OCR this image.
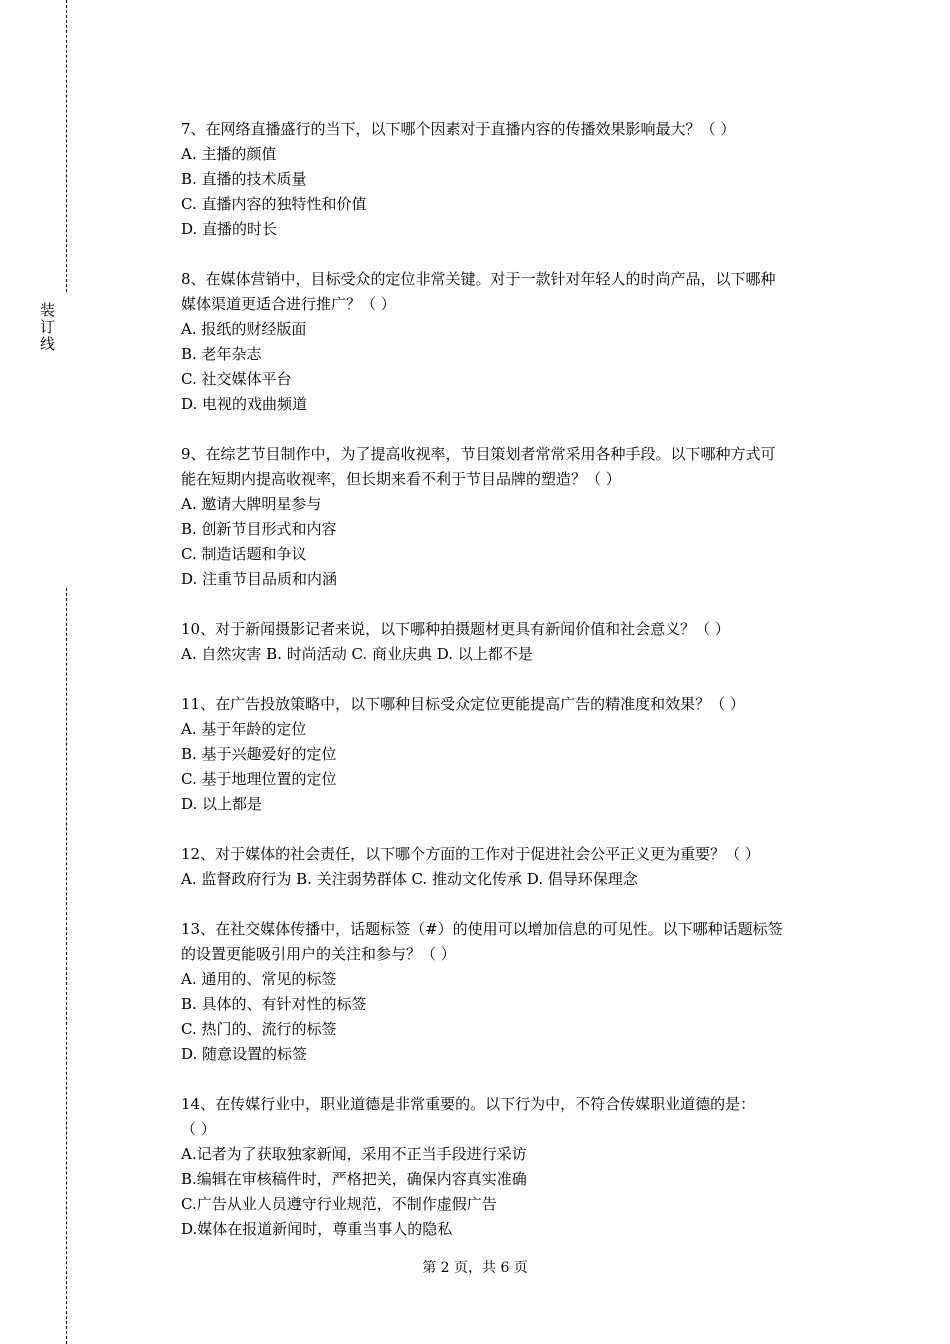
装订线
7、在网络直播盛行的当下，以下哪个因素对于直播内容的传播效果影响最大？（ ）
A. 主播的颜值
B. 直播的技术质量
C. 直播内容的独特性和价值
D. 直播的时长
8、在媒体营销中，目标受众的定位非常关键。对于一款针对年轻人的时尚产品，以下哪种
媒体渠道更适合进行推广？（ ）
A. 报纸的财经版面
B. 老年杂志
C. 社交媒体平台
D. 电视的戏曲频道
9、在综艺节目制作中，为了提高收视率，节目策划者常常采用各种手段。以下哪种方式可
能在短期内提高收视率，但长期来看不利于节目品牌的塑造？（ ）
A. 邀请大牌明星参与
B. 创新节目形式和内容
C. 制造话题和争议
D. 注重节目品质和内涵
10、对于新闻摄影记者来说，以下哪种拍摄题材更具有新闻价值和社会意义？（ ）
A. 自然灾害 B. 时尚活动 C. 商业庆典 D. 以上都不是
11、在广告投放策略中，以下哪种目标受众定位更能提高广告的精准度和效果？（ ）
A. 基于年龄的定位
B. 基于兴趣爱好的定位
C. 基于地理位置的定位
D. 以上都是
12、对于媒体的社会责任，以下哪个方面的工作对于促进社会公平正义更为重要？（ ）
A. 监督政府行为 B. 关注弱势群体 C. 推动文化传承 D. 倡导环保理念
13、在社交媒体传播中，话题标签（#）的使用可以增加信息的可见性。以下哪种话题标签
的设置更能吸引用户的关注和参与？（ ）
A. 通用的、常见的标签
B. 具体的、有针对性的标签
C. 热门的、流行的标签
D. 随意设置的标签
14、在传媒行业中，职业道德是非常重要的。以下行为中，不符合传媒职业道德的是：
（ ）
A.记者为了获取独家新闻，采用不正当手段进行采访
B.编辑在审核稿件时，严格把关，确保内容真实准确
C.广告从业人员遵守行业规范，不制作虚假广告
D.媒体在报道新闻时，尊重当事人的隐私
第 2 页，共 6 页
